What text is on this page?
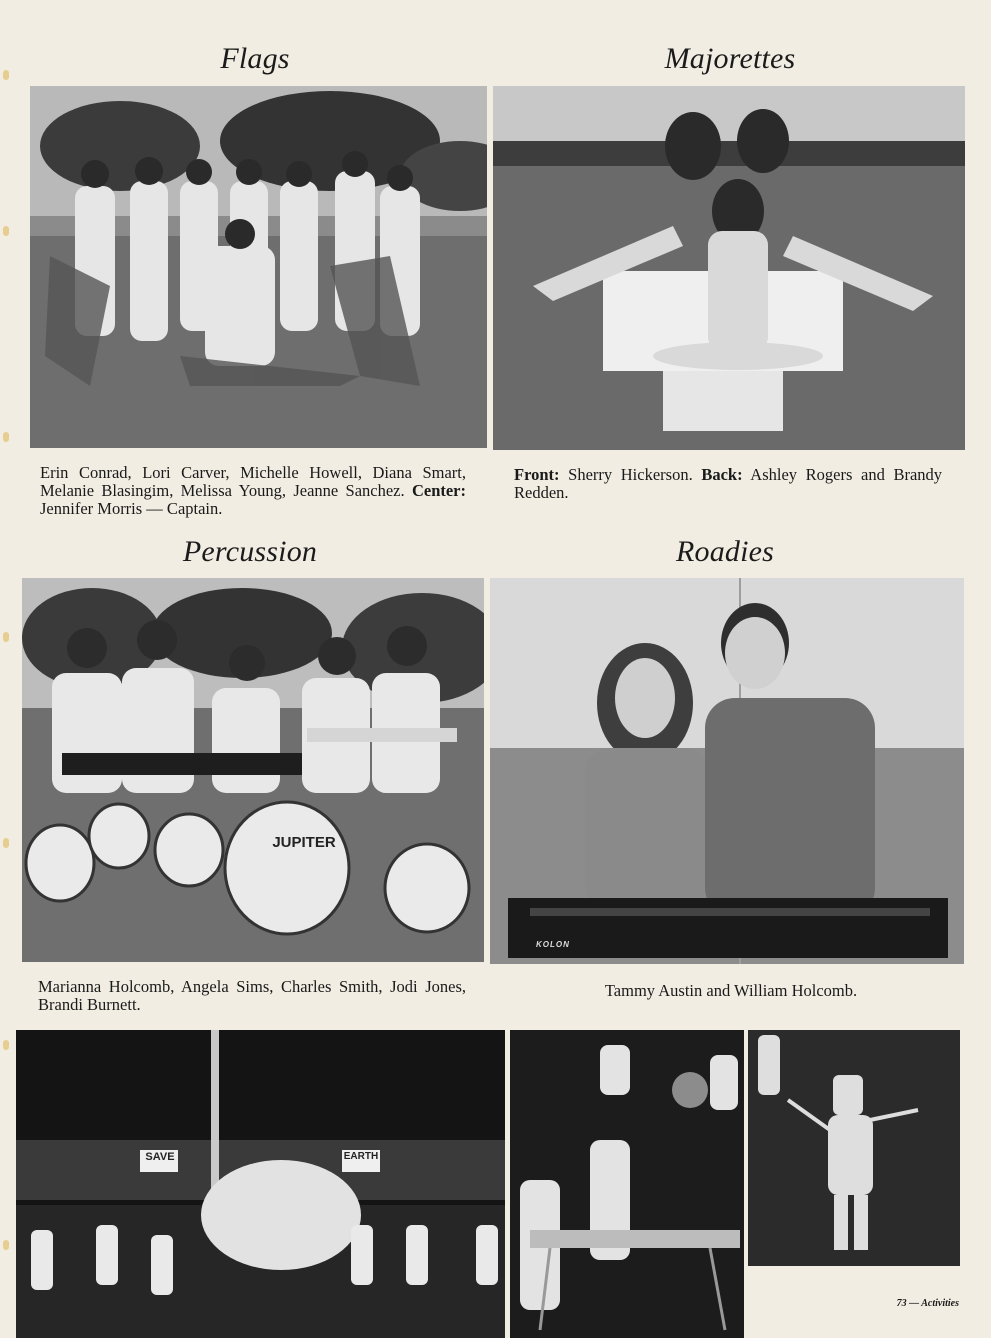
Flags
Erin Conrad, Lori Carver, Michelle Howell, Diana Smart, Melanie Blasingim, Melissa Young, Jeanne Sanchez. Center: Jennifer Morris — Captain.
Majorettes
Front: Sherry Hickerson. Back: Ashley Rogers and Brandy Redden.
Percussion
JUPITER
Marianna Holcomb, Angela Sims, Charles Smith, Jodi Jones, Brandi Burnett.
Roadies
KOLON
Tammy Austin and William Holcomb.
SAVE	EARTH
73 — Activities
